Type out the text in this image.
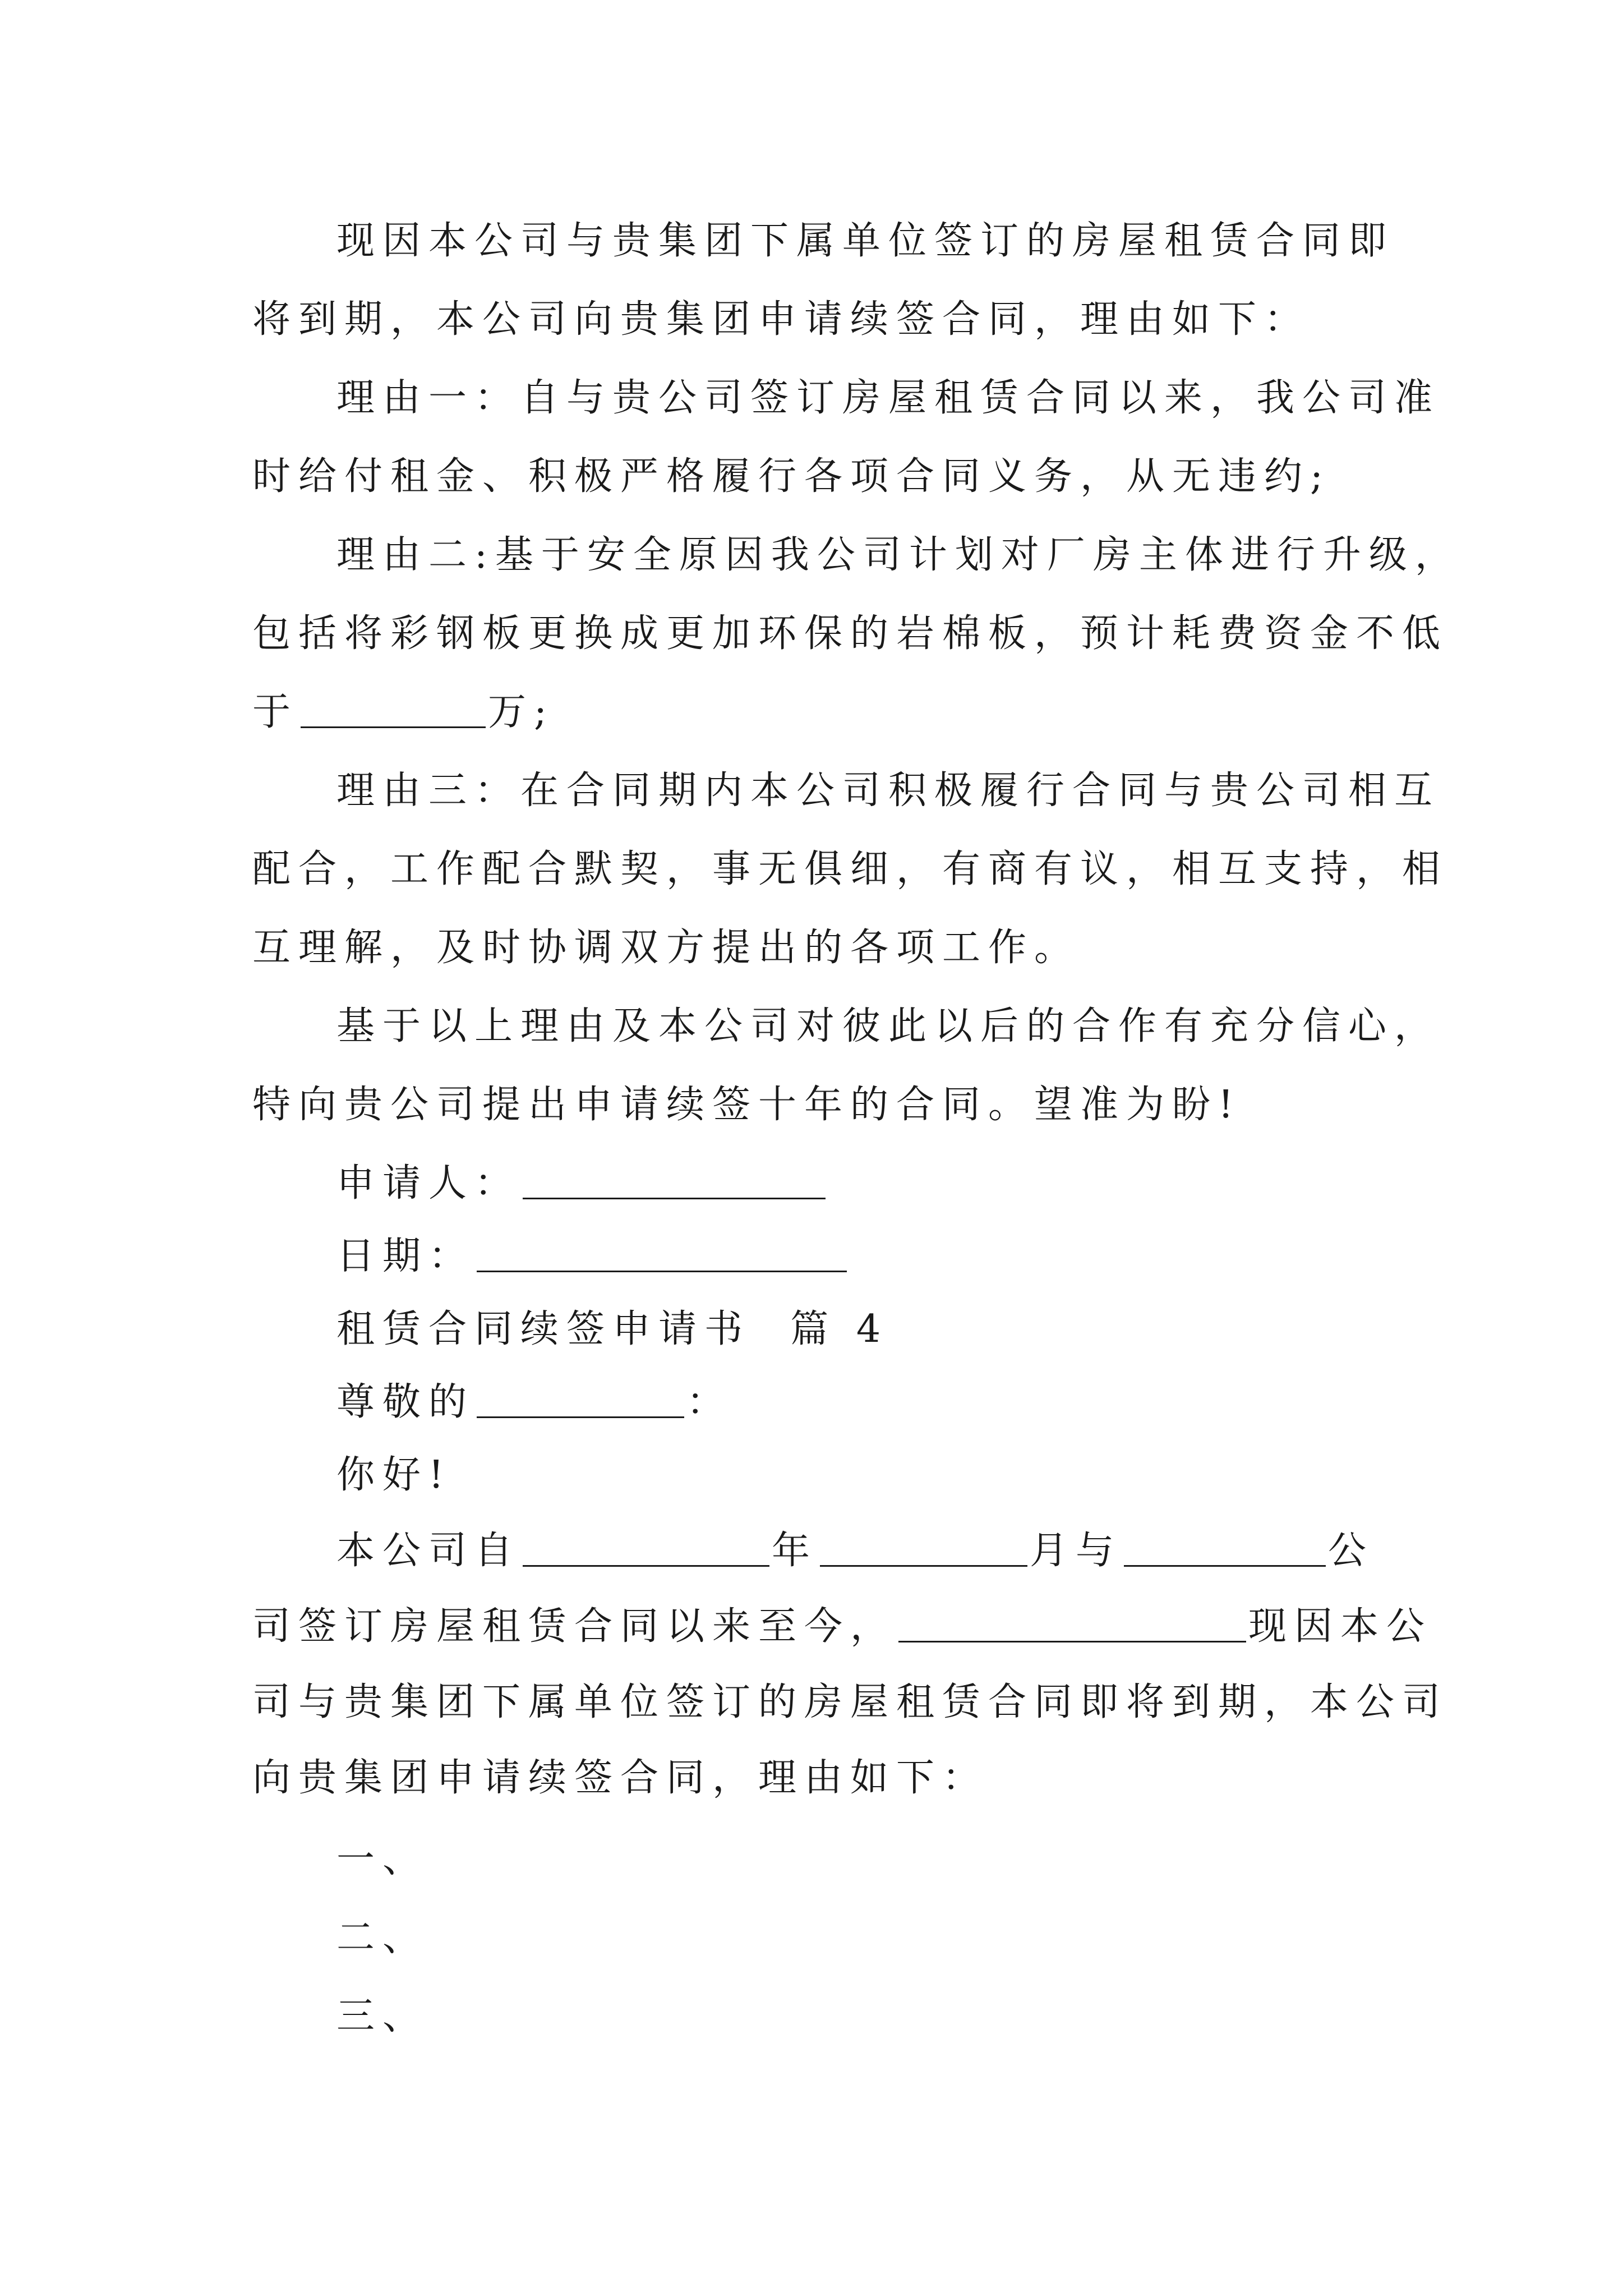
现因本公司与贵集团下属单位签订的房屋租赁合同即
将到期，本公司向贵集团申请续签合同，理由如下：
理由一：自与贵公司签订房屋租赁合同以来，我公司准
时给付租金、积极严格履行各项合同义务，从无违约;
理由二:基于安全原因我公司计划对厂房主体进行升级，
包括将彩钢板更换成更加环保的岩棉板，预计耗费资金不低
于	万;
理由三：在合同期内本公司积极履行合同与贵公司相互
配合，工作配合默契，事无俱细，有商有议，相互支持，相
互理解，及时协调双方提出的各项工作。
基于以上理由及本公司对彼此以后的合作有充分信心，
特向贵公司提出申请续签十年的合同。望准为盼!
申请人：
日期：
租赁合同续签申请书  篇 4
尊敬的	：
你好!
本公司自	年	月与	公
司签订房屋租赁合同以来至今，	现因本公
司与贵集团下属单位签订的房屋租赁合同即将到期，本公司
向贵集团申请续签合同，理由如下：
一、
二、
三、
